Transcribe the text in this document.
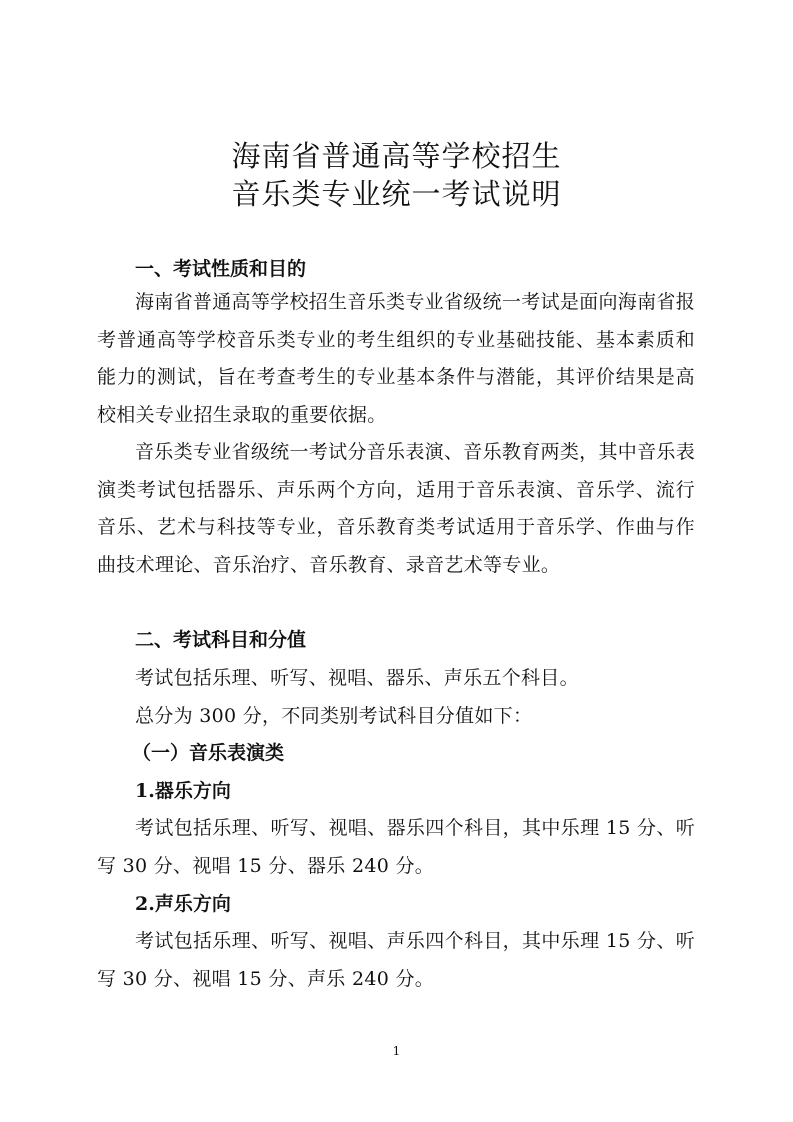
海南省普通高等学校招生
音乐类专业统一考试说明
一、考试性质和目的

海南省普通高等学校招生音乐类专业省级统一考试是面向海南省报考普通高等学校音乐类专业的考生组织的专业基础技能、基本素质和能力的测试，旨在考查考生的专业基本条件与潜能，其评价结果是高校相关专业招生录取的重要依据。

音乐类专业省级统一考试分音乐表演、音乐教育两类，其中音乐表演类考试包括器乐、声乐两个方向，适用于音乐表演、音乐学、流行音乐、艺术与科技等专业，音乐教育类考试适用于音乐学、作曲与作曲技术理论、音乐治疗、音乐教育、录音艺术等专业。

二、考试科目和分值
考试包括乐理、听写、视唱、器乐、声乐五个科目。
总分为 300 分，不同类别考试科目分值如下：
（一）音乐表演类
1.器乐方向

考试包括乐理、听写、视唱、器乐四个科目，其中乐理 15 分、听写 30 分、视唱 15 分、器乐 240 分。

2.声乐方向

考试包括乐理、听写、视唱、声乐四个科目，其中乐理 15 分、听写 30 分、视唱 15 分、声乐 240 分。

1
